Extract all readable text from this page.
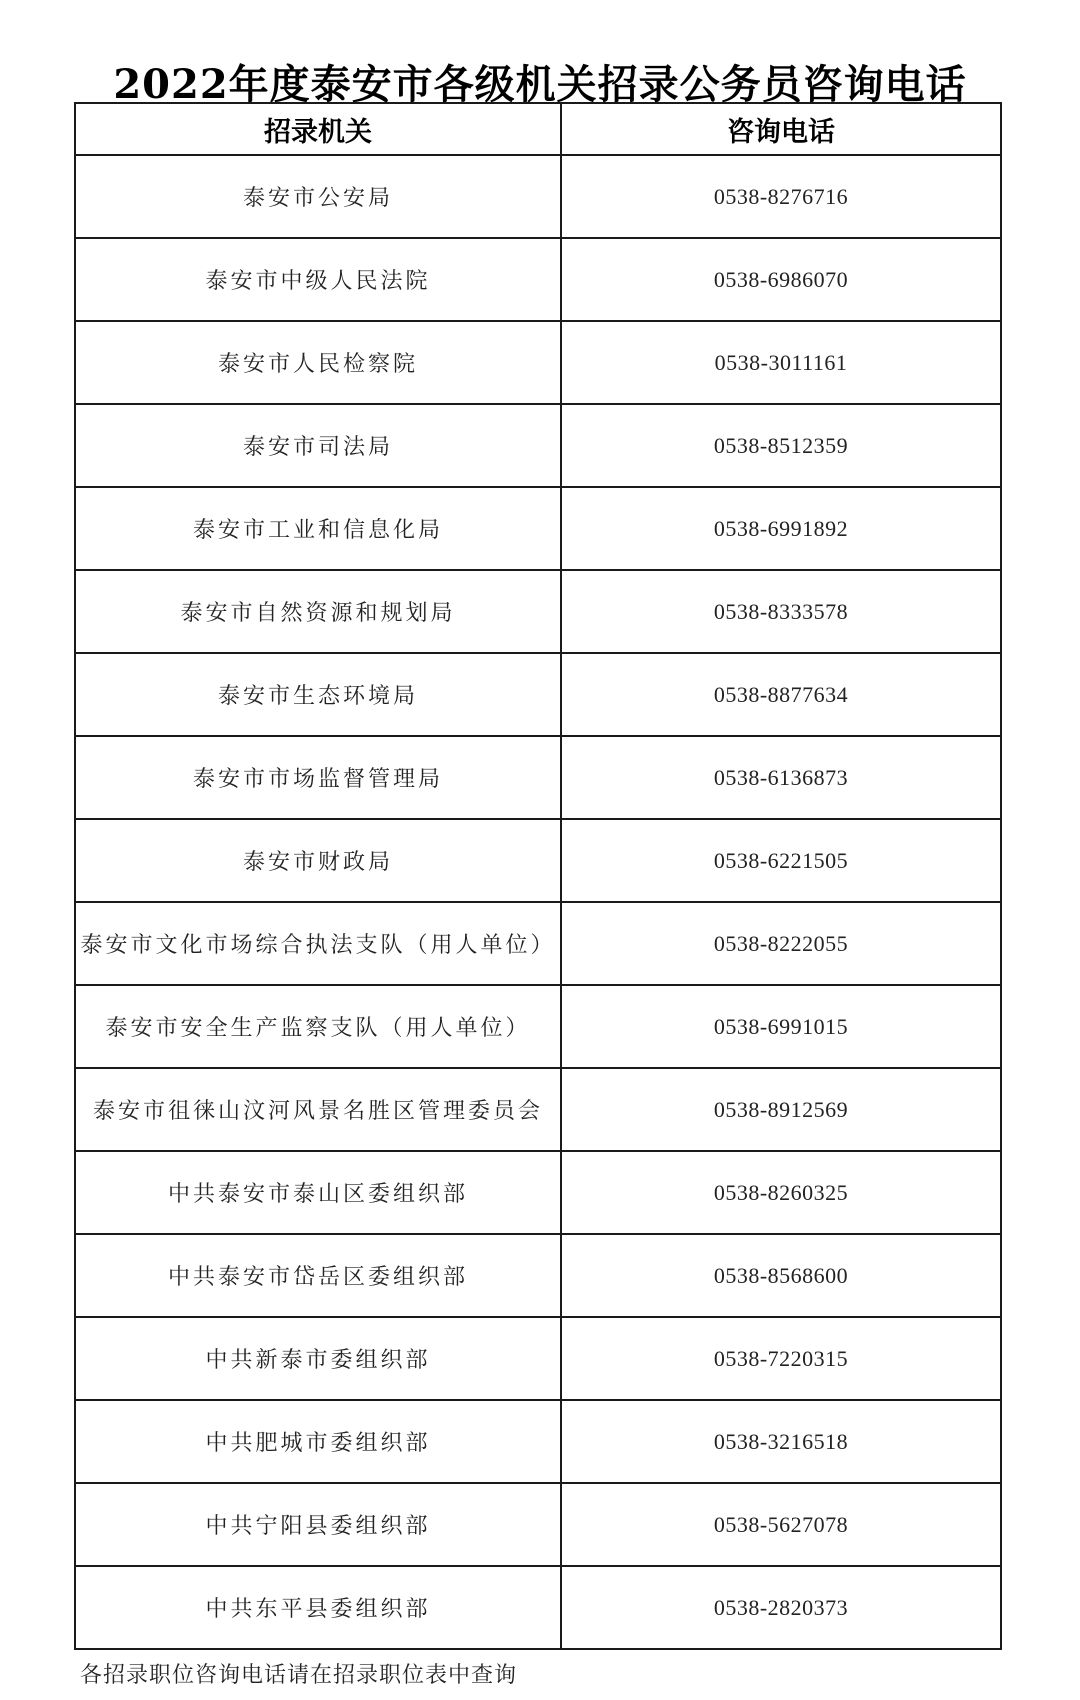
2022年度泰安市各级机关招录公务员咨询电话
招录机关	咨询电话
泰安市公安局	0538-8276716
泰安市中级人民法院	0538-6986070
泰安市人民检察院	0538-3011161
泰安市司法局	0538-8512359
泰安市工业和信息化局	0538-6991892
泰安市自然资源和规划局	0538-8333578
泰安市生态环境局	0538-8877634
泰安市市场监督管理局	0538-6136873
泰安市财政局	0538-6221505
泰安市文化市场综合执法支队（用人单位）	0538-8222055
泰安市安全生产监察支队（用人单位）	0538-6991015
泰安市徂徕山汶河风景名胜区管理委员会	0538-8912569
中共泰安市泰山区委组织部	0538-8260325
中共泰安市岱岳区委组织部	0538-8568600
中共新泰市委组织部	0538-7220315
中共肥城市委组织部	0538-3216518
中共宁阳县委组织部	0538-5627078
中共东平县委组织部	0538-2820373
各招录职位咨询电话请在招录职位表中查询
